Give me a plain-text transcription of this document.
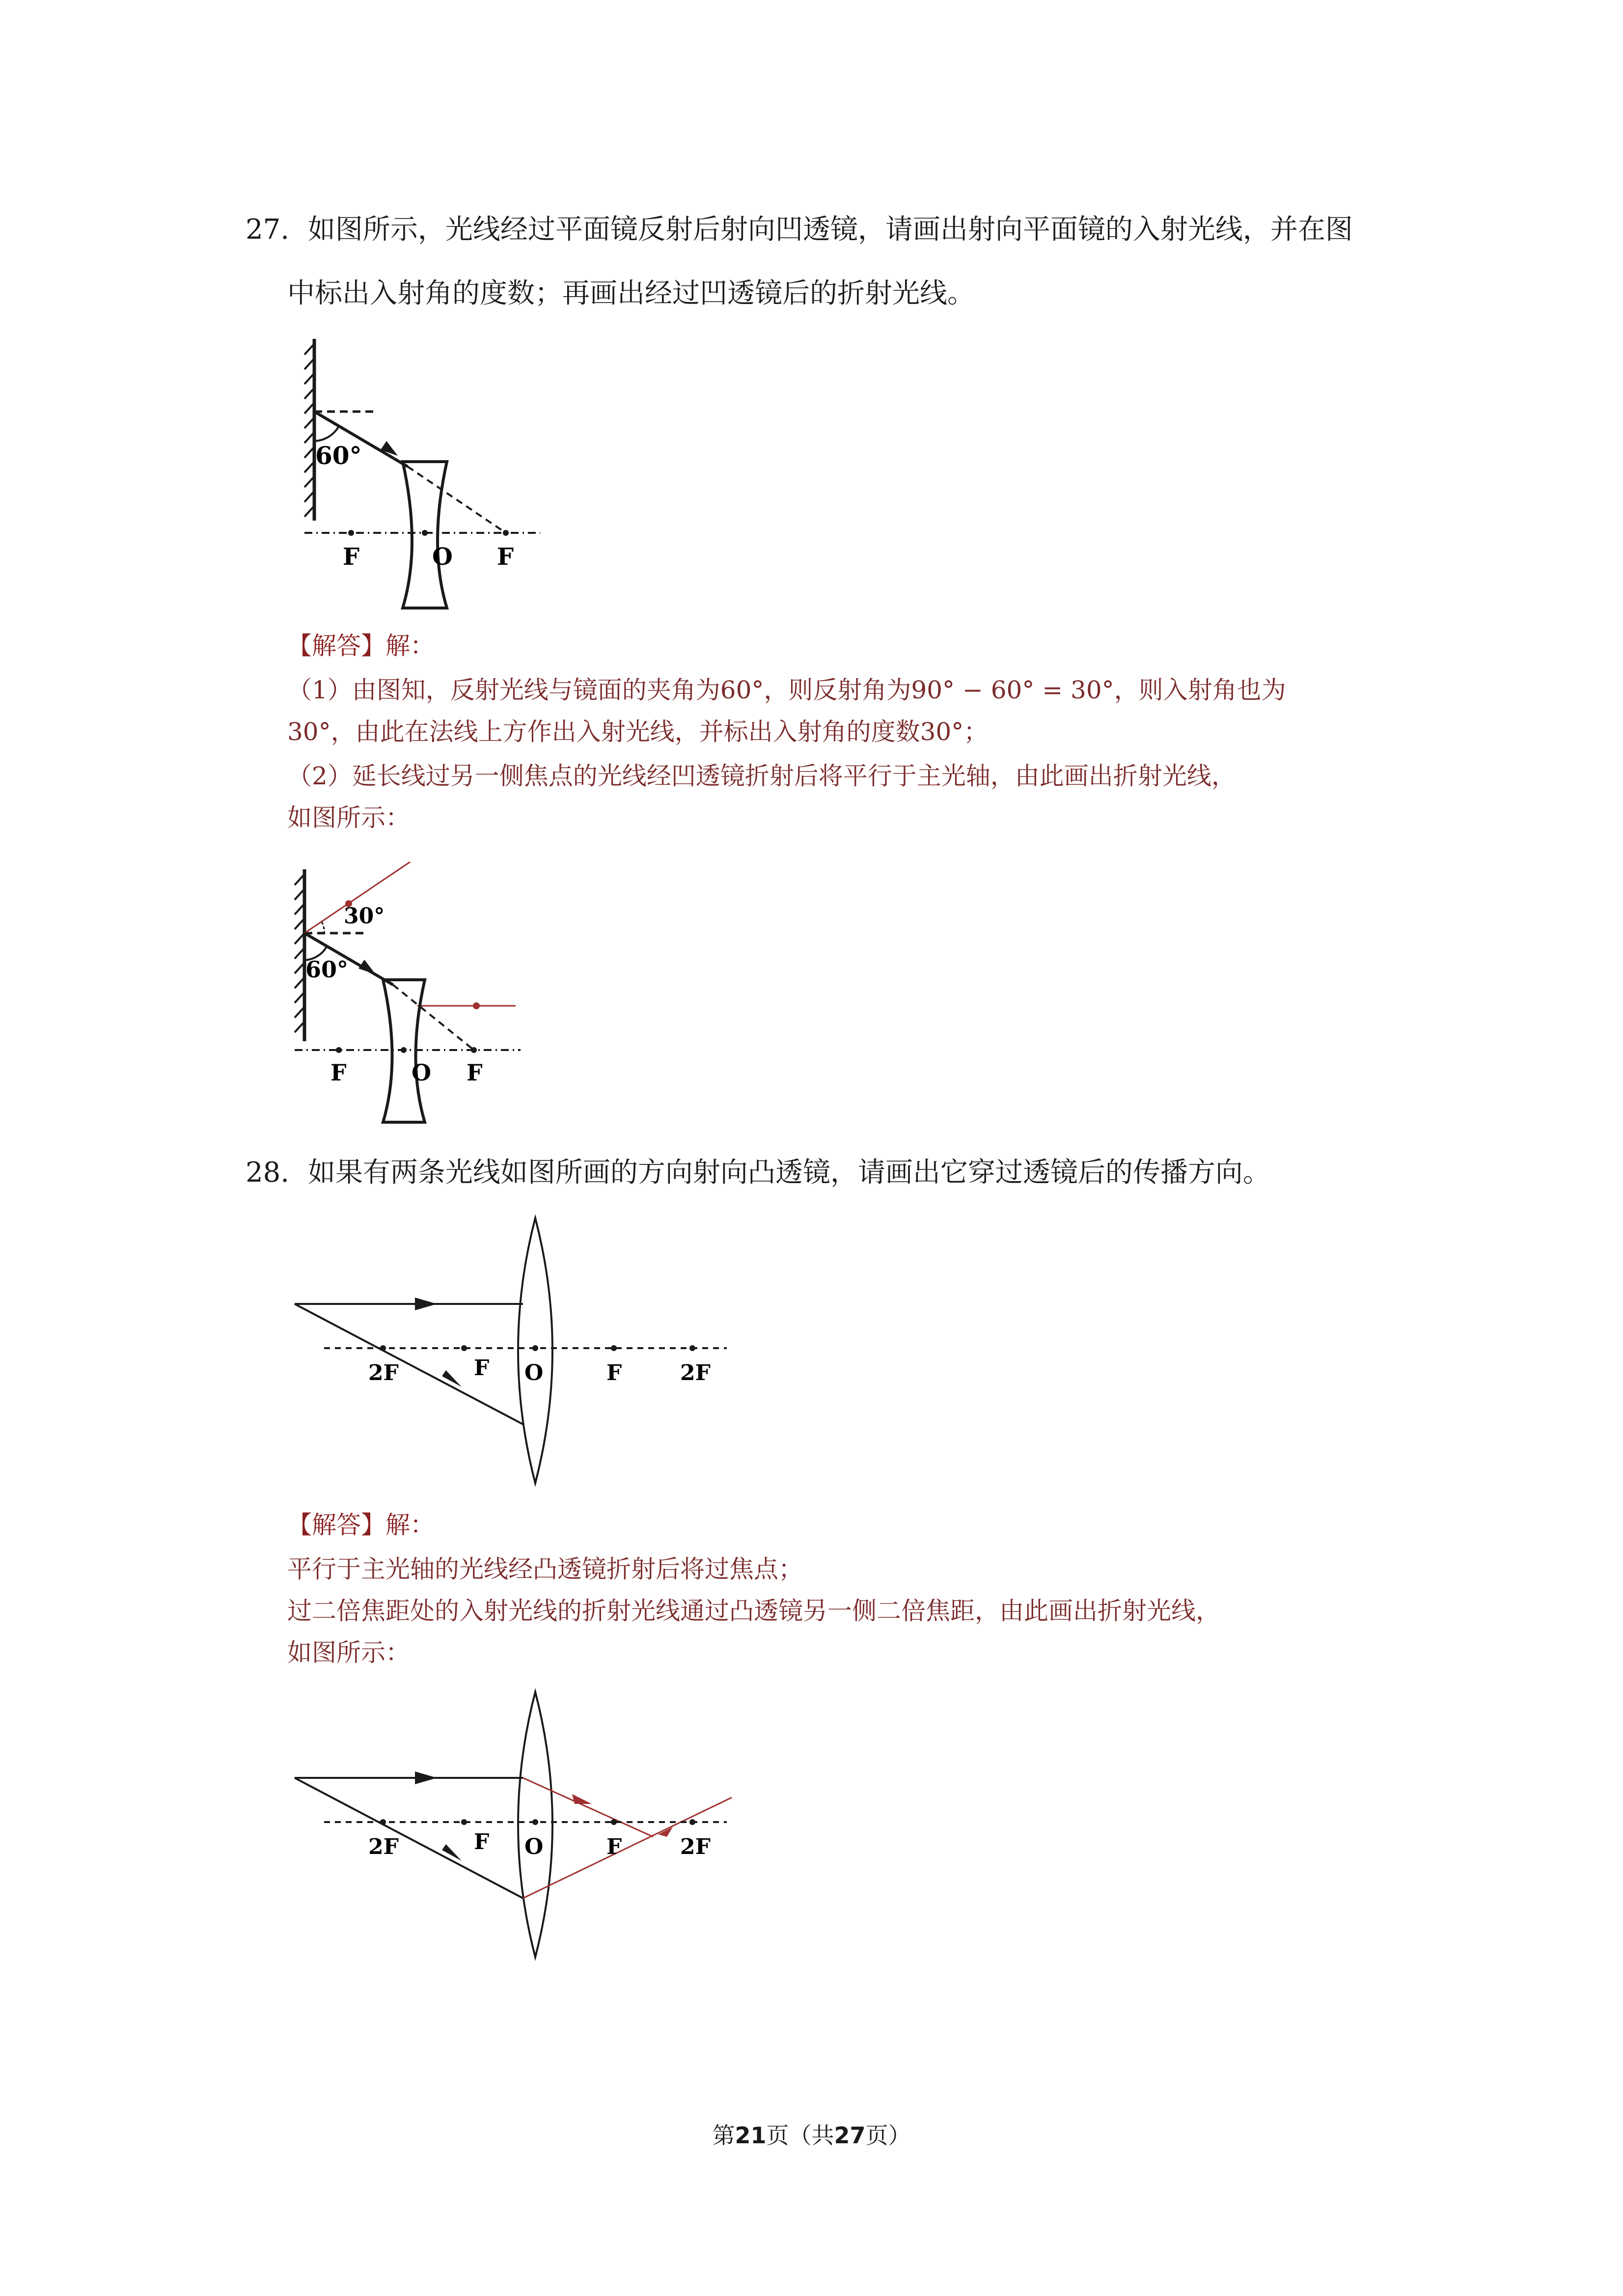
27. 如图所示，光线经过平面镜反射后射向凹透镜，请画出射向平面镜的入射光线，并在图
中标出入射角的度数；再画出经过凹透镜后的折射光线。
60°
F	O F
【解答】解：
（1）由图知，反射光线与镜面的夹角为60°，则反射角为90° − 60° = 30°，则入射角也为
30°，由此在法线上方作出入射光线，并标出入射角的度数30°；
（2）延长线过另一侧焦点的光线经凹透镜折射后将平行于主光轴，由此画出折射光线，
如图所示：
30°
60°
F	O F
28. 如果有两条光线如图所画的方向射向凸透镜，请画出它穿过透镜后的传播方向。
2F	F O	F	2F
【解答】解：
平行于主光轴的光线经凸透镜折射后将过焦点；
过二倍焦距处的入射光线的折射光线通过凸透镜另一侧二倍焦距，由此画出折射光线，
如图所示：
2F	F O	F	2F
第21页（共27页）
